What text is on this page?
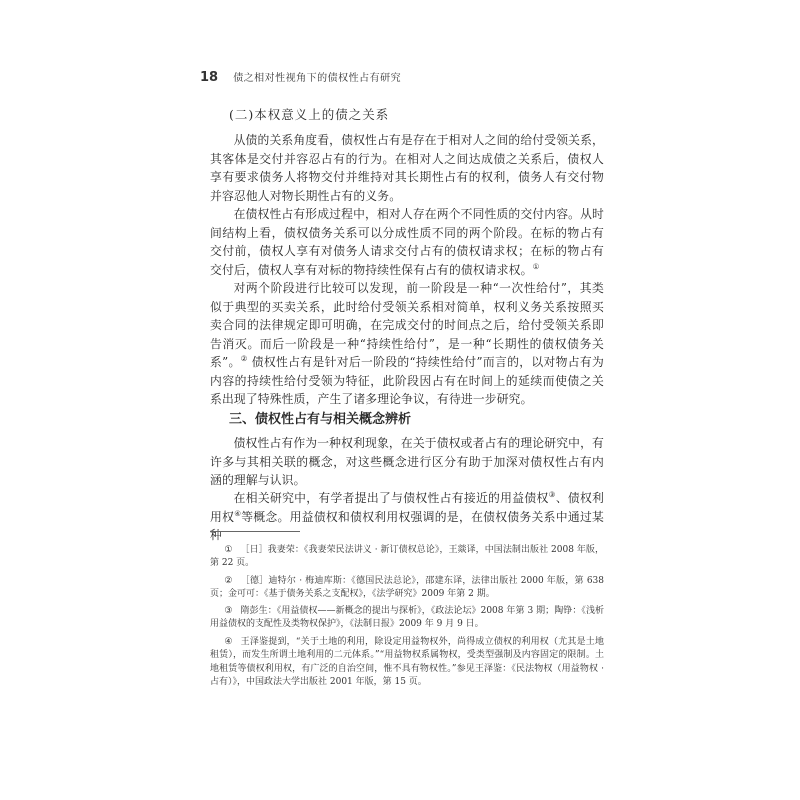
18 债之相对性视角下的债权性占有研究
(二)本权意义上的债之关系

从债的关系角度看，债权性占有是存在于相对人之间的给付受领关系，其客体是交付并容忍占有的行为。在相对人之间达成债之关系后，债权人享有要求债务人将物交付并维持对其长期性占有的权利，债务人有交付物并容忍他人对物长期性占有的义务。

在债权性占有形成过程中，相对人存在两个不同性质的交付内容。从时间结构上看，债权债务关系可以分成性质不同的两个阶段。在标的物占有交付前，债权人享有对债务人请求交付占有的债权请求权；在标的物占有交付后，债权人享有对标的物持续性保有占有的债权请求权。①

对两个阶段进行比较可以发现，前一阶段是一种“一次性给付”，其类似于典型的买卖关系，此时给付受领关系相对简单，权利义务关系按照买卖合同的法律规定即可明确，在完成交付的时间点之后，给付受领关系即告消灭。而后一阶段是一种“持续性给付”，是一种“长期性的债权债务关系”。② 债权性占有是针对后一阶段的“持续性给付”而言的，以对物占有为内容的持续性给付受领为特征，此阶段因占有在时间上的延续而使债之关系出现了特殊性质，产生了诸多理论争议，有待进一步研究。

三、债权性占有与相关概念辨析

债权性占有作为一种权利现象，在关于债权或者占有的理论研究中，有许多与其相关联的概念，对这些概念进行区分有助于加深对债权性占有内涵的理解与认识。

在相关研究中，有学者提出了与债权性占有接近的用益债权③、债权利用权④等概念。用益债权和债权利用权强调的是，在债权债务关系中通过某种

① ［日］我妻荣：《我妻荣民法讲义 · 新订债权总论》，王燚译，中国法制出版社 2008 年版，第 22 页。

② ［德］迪特尔 · 梅迪库斯：《德国民法总论》，邵建东译，法律出版社 2000 年版，第 638 页；金可可：《基于债务关系之支配权》，《法学研究》2009 年第 2 期。

③ 隋彭生：《用益债权——新概念的提出与探析》，《政法论坛》2008 年第 3 期；陶铮：《浅析用益债权的支配性及类物权保护》，《法制日报》2009 年 9 月 9 日。

④ 王泽鉴提到，“关于土地的利用，除设定用益物权外，尚得成立债权的利用权（尤其是土地租赁），而发生所谓土地利用的二元体系。”“用益物权系属物权，受类型强制及内容固定的限制。土地租赁等债权利用权，有广泛的自治空间，惟不具有物权性。”参见王泽鉴：《民法物权（用益物权 · 占有）》，中国政法大学出版社 2001 年版，第 15 页。
